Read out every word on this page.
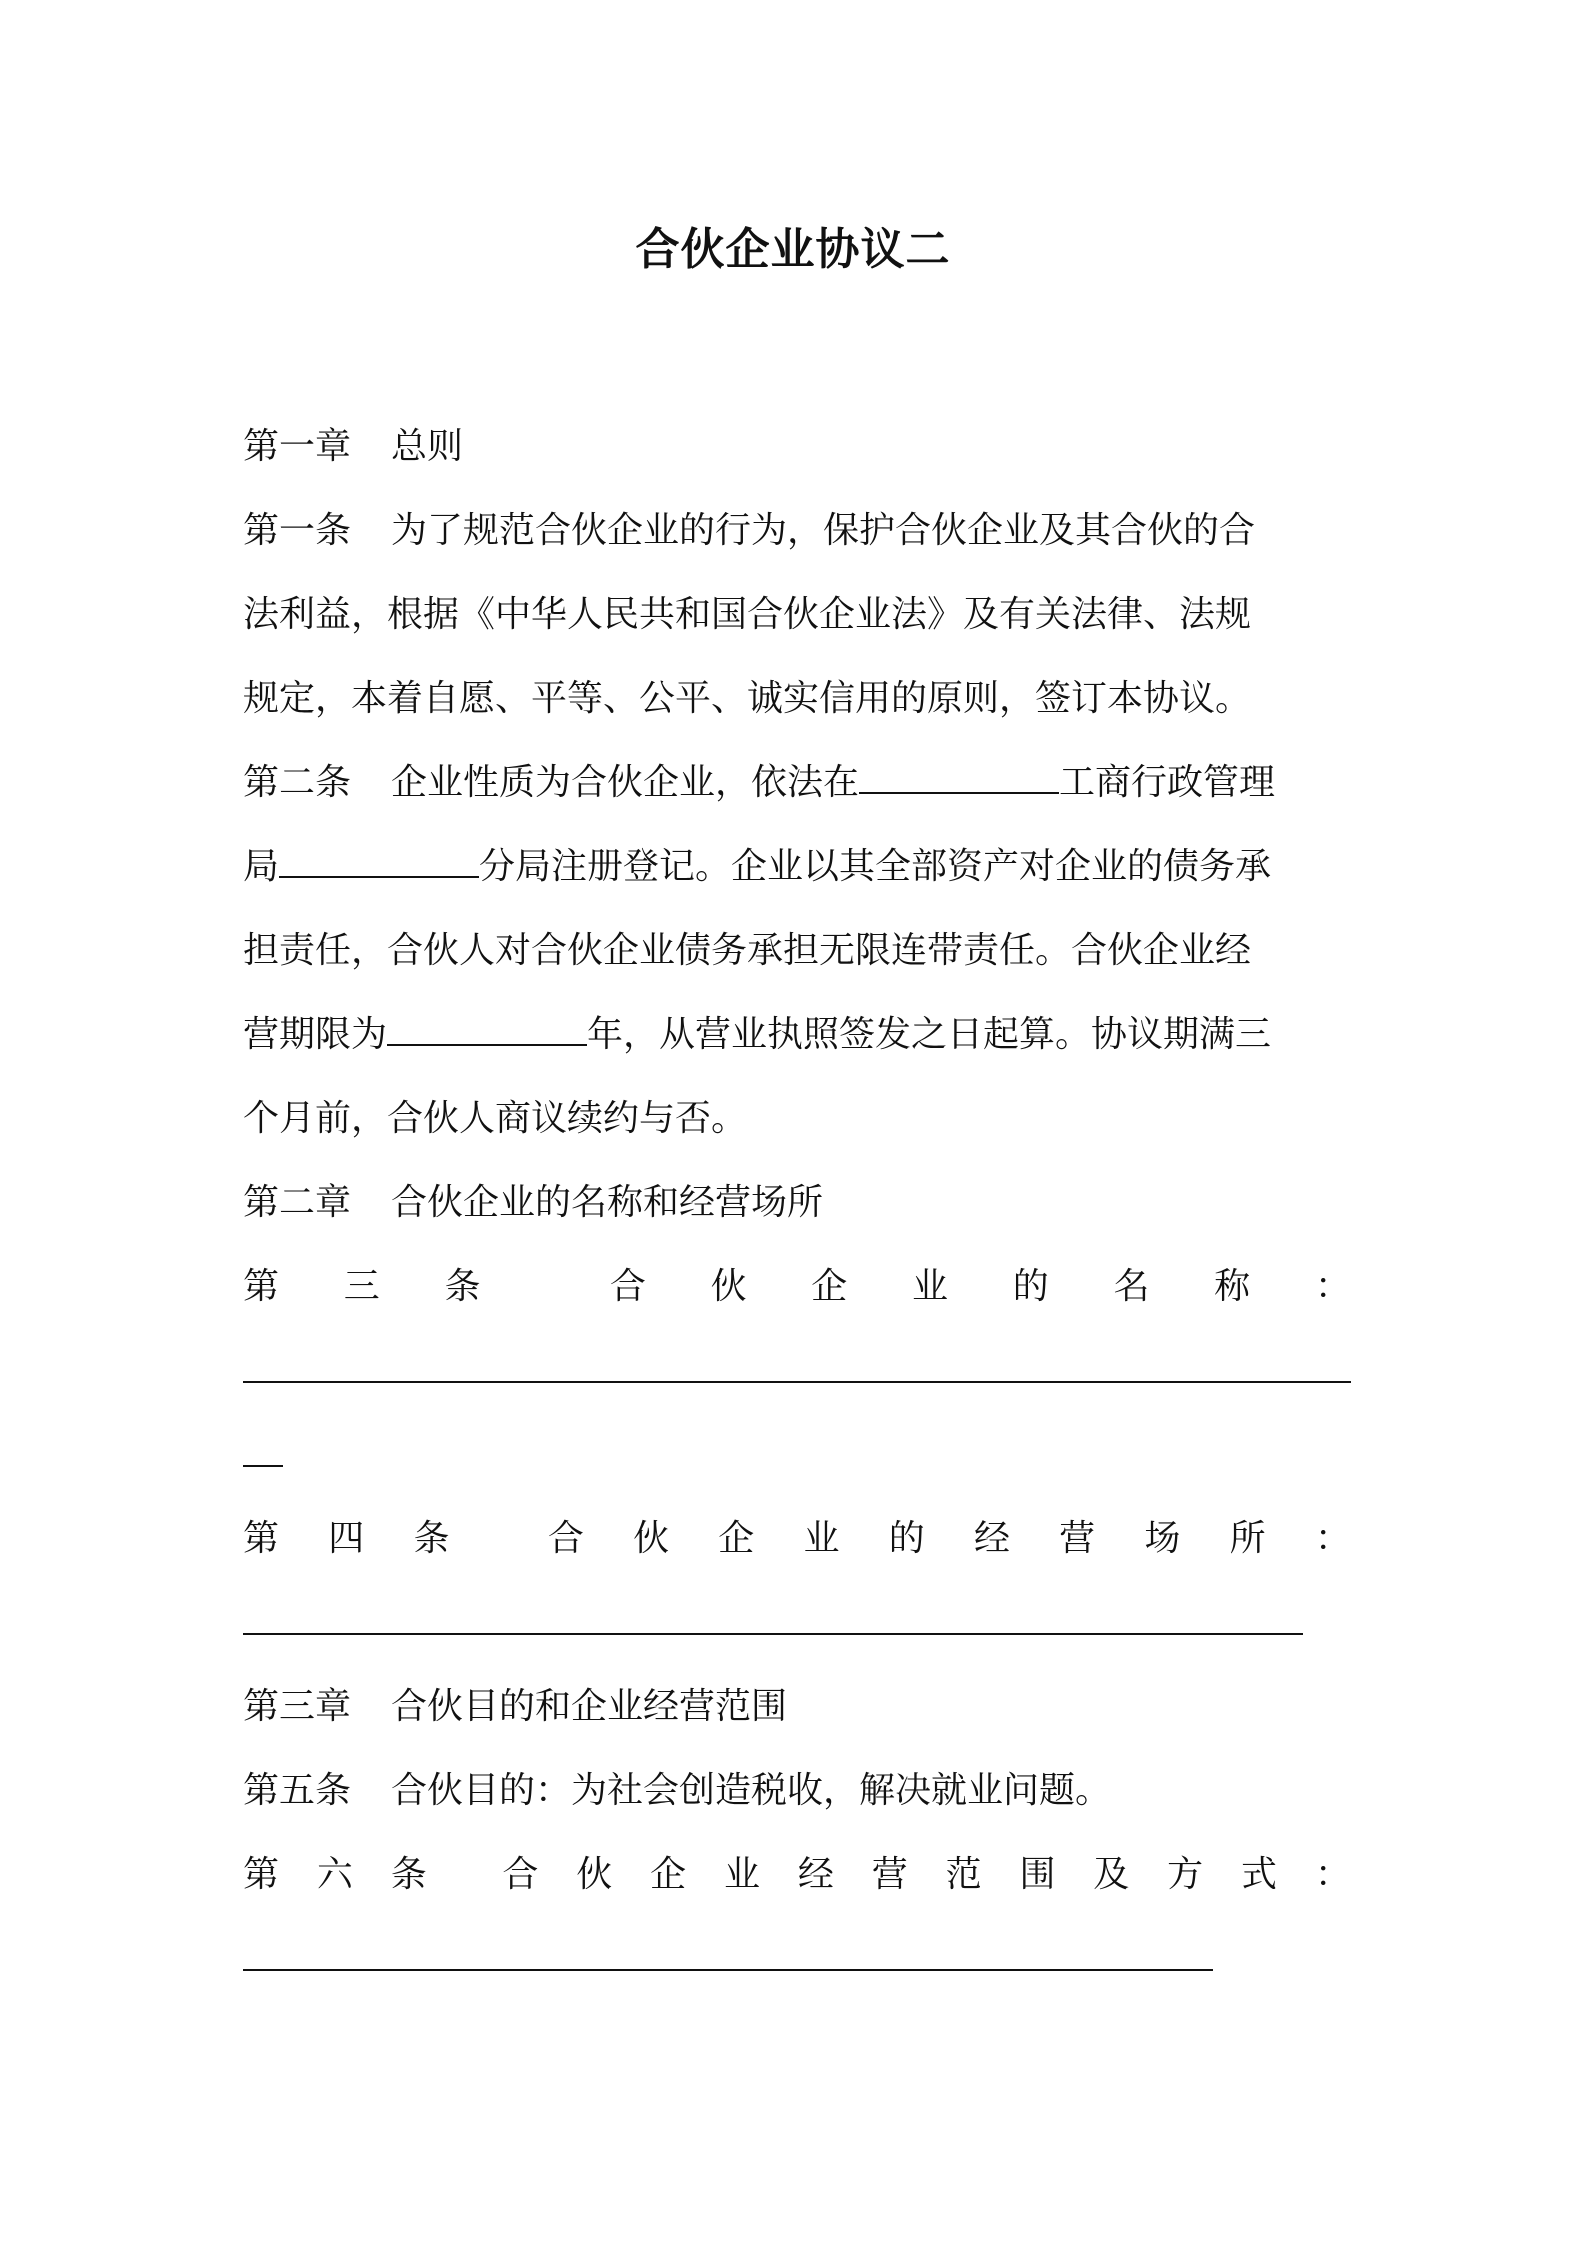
合伙企业协议二
第一章 总则
第一条 为了规范合伙企业的行为，保护合伙企业及其合伙的合
法利益，根据《中华人民共和国合伙企业法》及有关法律、法规
规定，本着自愿、平等、公平、诚实信用的原则，签订本协议。
第二条 企业性质为合伙企业，依法在	工商行政管理
局	分局注册登记。企业以其全部资产对企业的债务承
担责任，合伙人对合伙企业债务承担无限连带责任。合伙企业经
营期限为	年，从营业执照签发之日起算。协议期满三
个月前，合伙人商议续约与否。
第二章 合伙企业的名称和经营场所
第 三 条	合 伙 企 业 的 名 称 ：
第 四 条	合 伙 企 业 的 经 营 场 所 ：
第三章 合伙目的和企业经营范围
第五条 合伙目的：为社会创造税收，解决就业问题。
第 六 条 合 伙 企 业 经 营 范 围 及 方 式 ：
